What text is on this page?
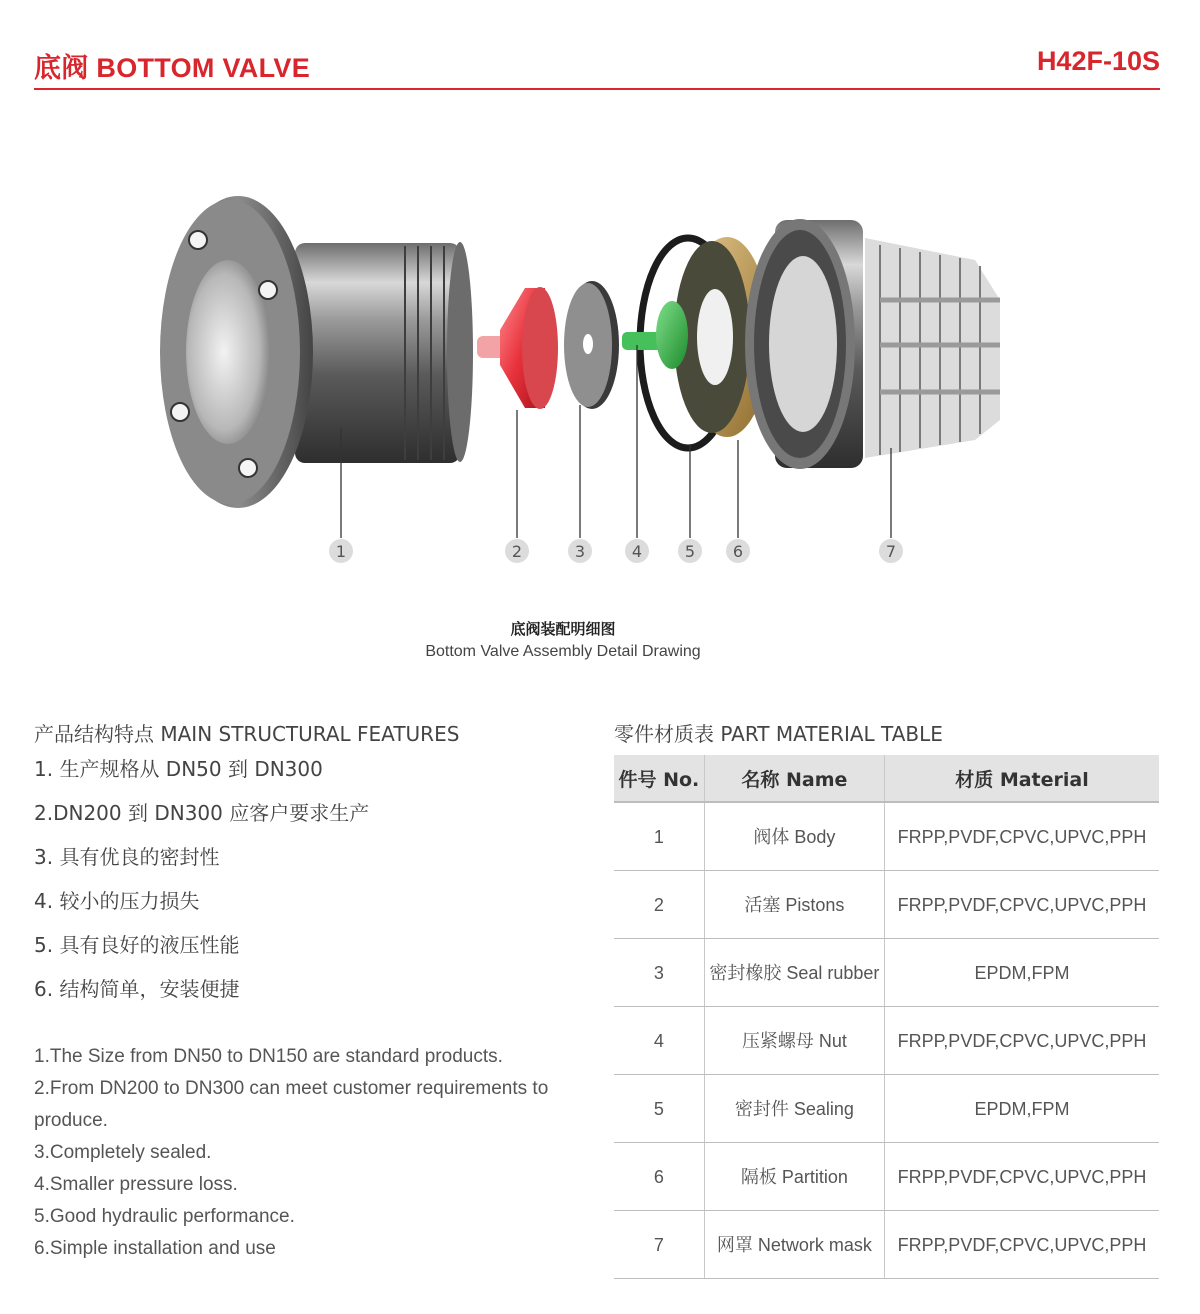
底阀 BOTTOM VALVE	H42F-10S
1	2	3	4	5 6	7
底阀装配明细图
Bottom Valve Assembly Detail Drawing
产品结构特点 MAIN STRUCTURAL FEATURES
1. 生产规格从 DN50 到 DN300
2.DN200 到 DN300 应客户要求生产
3. 具有优良的密封性
4. 较小的压力损失
5. 具有良好的液压性能
6. 结构简单，安装便捷
1.The Size from DN50 to DN150 are standard products.
2.From DN200 to DN300 can meet customer requirements to produce.
3.Completely sealed.
4.Smaller pressure loss.
5.Good hydraulic performance.
6.Simple installation and use
零件材质表 PART MATERIAL TABLE
件号 No.	名称 Name	材质 Material
1	阀体 Body	FRPP,PVDF,CPVC,UPVC,PPH
2	活塞 Pistons	FRPP,PVDF,CPVC,UPVC,PPH
3	密封橡胶 Seal rubber	EPDM,FPM
4	压紧螺母 Nut	FRPP,PVDF,CPVC,UPVC,PPH
5	密封件 Sealing	EPDM,FPM
6	隔板 Partition	FRPP,PVDF,CPVC,UPVC,PPH
7	网罩 Network mask	FRPP,PVDF,CPVC,UPVC,PPH
